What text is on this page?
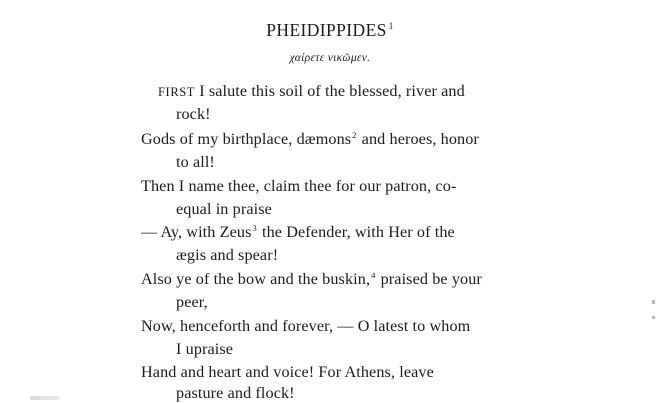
PHEIDIPPIDES $^1$
χαίρετε νικῶμεν.
FIRST I salute this soil of the blessed, river and
rock!
Gods of my birthplace, dæmons$^2$ and heroes, honor
to all!
Then I name thee, claim thee for our patron, co-
equal in praise
— Ay, with Zeus$^3$ the Defender, with Her of the
ægis and spear!
Also ye of the bow and the buskin,$^4$ praised be your
peer,
Now, henceforth and forever, — O latest to whom
I upraise
Hand and heart and voice! For Athens, leave
pasture and flock!
